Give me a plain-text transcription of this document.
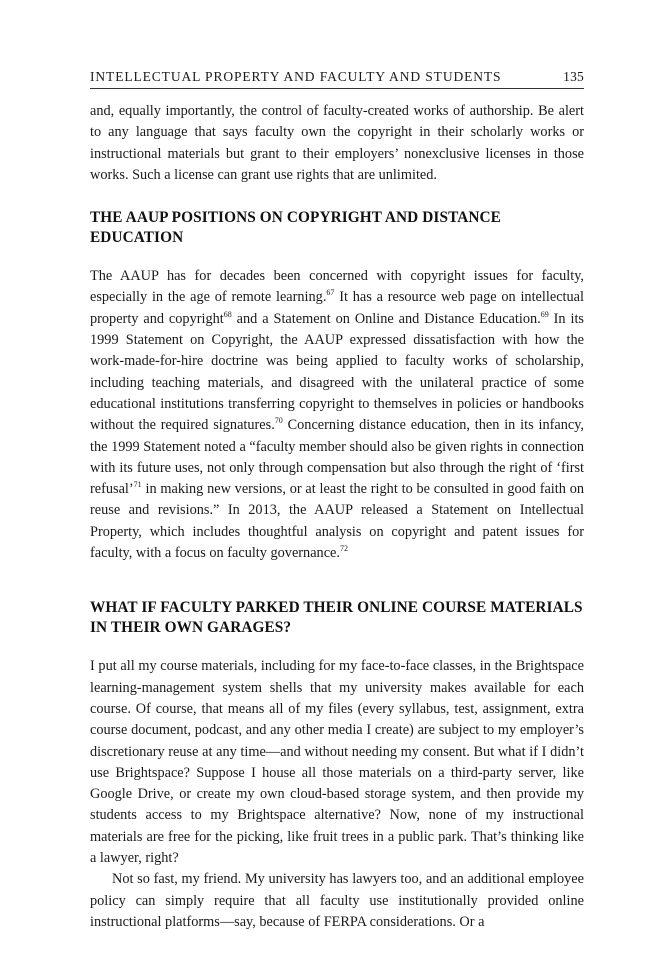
INTELLECTUAL PROPERTY AND FACULTY AND STUDENTS	135

and, equally importantly, the control of faculty-created works of authorship. Be alert to any language that says faculty own the copyright in their scholarly works or instructional materials but grant to their employers’ nonexclusive licenses in those works. Such a license can grant use rights that are unlimited.

THE AAUP POSITIONS ON COPYRIGHT AND DISTANCE EDUCATION

The AAUP has for decades been concerned with copyright issues for faculty, especially in the age of remote learning.$^{67}$ It has a resource web page on intellectual property and copyright$^{68}$ and a Statement on Online and Distance Education.$^{69}$ In its 1999 Statement on Copyright, the AAUP expressed dissatisfaction with how the work-made-for-hire doctrine was being applied to faculty works of scholarship, including teaching materials, and disagreed with the unilateral practice of some educational institutions transferring copyright to themselves in policies or handbooks without the required signatures.$^{70}$ Concerning distance education, then in its infancy, the 1999 Statement noted a “faculty member should also be given rights in connection with its future uses, not only through compensation but also through the right of ‘first refusal’$^{71}$ in making new versions, or at least the right to be consulted in good faith on reuse and revisions.” In 2013, the AAUP released a Statement on Intellectual Property, which includes thoughtful analysis on copyright and patent issues for faculty, with a focus on faculty governance.$^{72}$

WHAT IF FACULTY PARKED THEIR ONLINE COURSE MATERIALS IN THEIR OWN GARAGES?

I put all my course materials, including for my face-to-face classes, in the Brightspace learning-management system shells that my university makes available for each course. Of course, that means all of my files (every syllabus, test, assignment, extra course document, podcast, and any other media I create) are subject to my employer’s discretionary reuse at any time—and without needing my consent. But what if I didn’t use Brightspace? Suppose I house all those materials on a third-party server, like Google Drive, or create my own cloud-based storage system, and then provide my students access to my Brightspace alternative? Now, none of my instructional materials are free for the picking, like fruit trees in a public park. That’s thinking like a lawyer, right?

Not so fast, my friend. My university has lawyers too, and an additional employee policy can simply require that all faculty use institutionally provided online instructional platforms—say, because of FERPA considerations. Or a
